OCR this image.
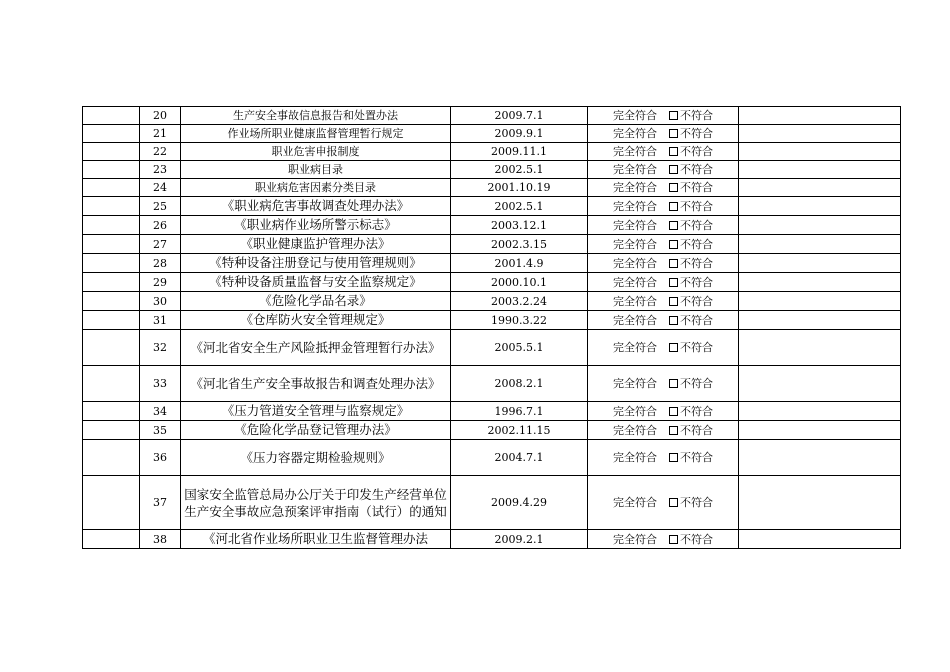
	20	生产安全事故信息报告和处置办法	2009.7.1	完全符合 不符合	

	21	作业场所职业健康监督管理暂行规定	2009.9.1	完全符合 不符合	

	22	职业危害申报制度	2009.11.1	完全符合 不符合	

	23	职业病目录	2002.5.1	完全符合 不符合	

	24	职业病危害因素分类目录	2001.10.19	完全符合 不符合	

	25	《职业病危害事故调查处理办法》	2002.5.1	完全符合 不符合	

	26	《职业病作业场所警示标志》	2003.12.1	完全符合 不符合	

	27	《职业健康监护管理办法》	2002.3.15	完全符合 不符合	

	28	《特种设备注册登记与使用管理规则》	2001.4.9	完全符合 不符合	

	29	《特种设备质量监督与安全监察规定》	2000.10.1	完全符合 不符合	

	30	《危险化学品名录》	2003.2.24	完全符合 不符合	

	31	《仓库防火安全管理规定》	1990.3.22	完全符合 不符合	

	32	《河北省安全生产风险抵押金管理暂行办法》	2005.5.1	完全符合 不符合	

	33	《河北省生产安全事故报告和调查处理办法》	2008.2.1	完全符合 不符合	

	34	《压力管道安全管理与监察规定》	1996.7.1	完全符合 不符合	

	35	《危险化学品登记管理办法》	2002.11.15	完全符合 不符合	

	36	《压力容器定期检验规则》	2004.7.1	完全符合 不符合	

	37	国家安全监管总局办公厅关于印发生产经营单位生产安全事故应急预案评审指南（试行）的通知	2009.4.29	完全符合 不符合	

	38	《河北省作业场所职业卫生监督管理办法	2009.2.1	完全符合 不符合	
